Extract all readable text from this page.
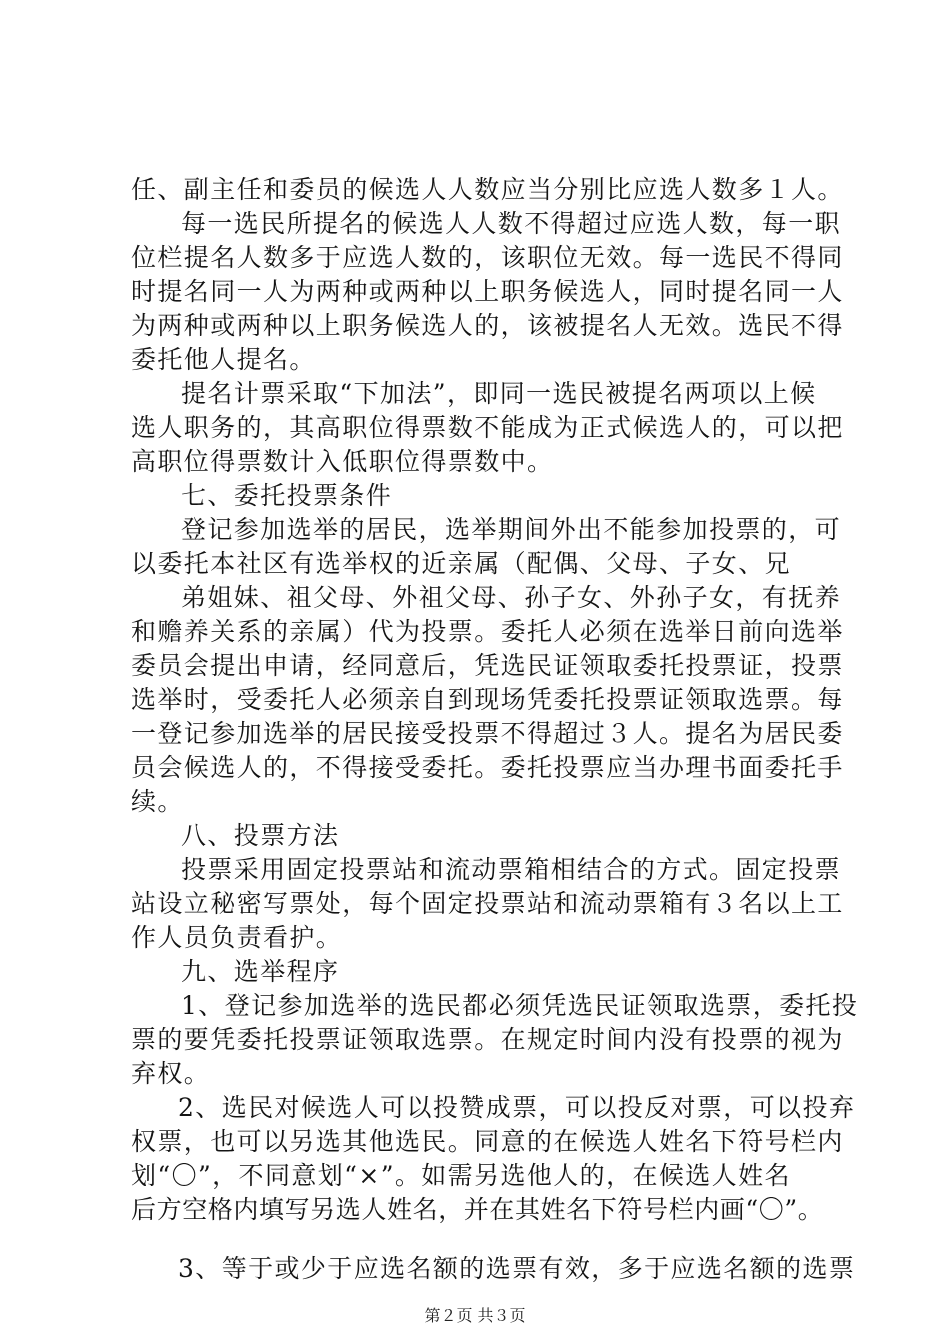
任、副主任和委员的候选人人数应当分别比应选人数多１人。
每一选民所提名的候选人人数不得超过应选人数，每一职
位栏提名人数多于应选人数的，该职位无效。每一选民不得同
时提名同一人为两种或两种以上职务候选人，同时提名同一人
为两种或两种以上职务候选人的，该被提名人无效。选民不得
委托他人提名。
提名计票采取“下加法”，即同一选民被提名两项以上候
选人职务的，其高职位得票数不能成为正式候选人的，可以把
高职位得票数计入低职位得票数中。
七、委托投票条件
登记参加选举的居民，选举期间外出不能参加投票的，可
以委托本社区有选举权的近亲属（配偶、父母、子女、兄
弟姐妹、祖父母、外祖父母、孙子女、外孙子女，有抚养
和赡养关系的亲属）代为投票。委托人必须在选举日前向选举
委员会提出申请，经同意后，凭选民证领取委托投票证，投票
选举时，受委托人必须亲自到现场凭委托投票证领取选票。每
一登记参加选举的居民接受投票不得超过３人。提名为居民委
员会候选人的，不得接受委托。委托投票应当办理书面委托手
续。
八、投票方法
投票采用固定投票站和流动票箱相结合的方式。固定投票
站设立秘密写票处，每个固定投票站和流动票箱有３名以上工
作人员负责看护。
九、选举程序
1、登记参加选举的选民都必须凭选民证领取选票，委托投
票的要凭委托投票证领取选票。在规定时间内没有投票的视为
弃权。
2、选民对候选人可以投赞成票，可以投反对票，可以投弃
权票，也可以另选其他选民。同意的在候选人姓名下符号栏内
划“〇”，不同意划“×”。如需另选他人的，在候选人姓名
后方空格内填写另选人姓名，并在其姓名下符号栏内画“〇”。
3、等于或少于应选名额的选票有效，多于应选名额的选票
第２页 共３页
